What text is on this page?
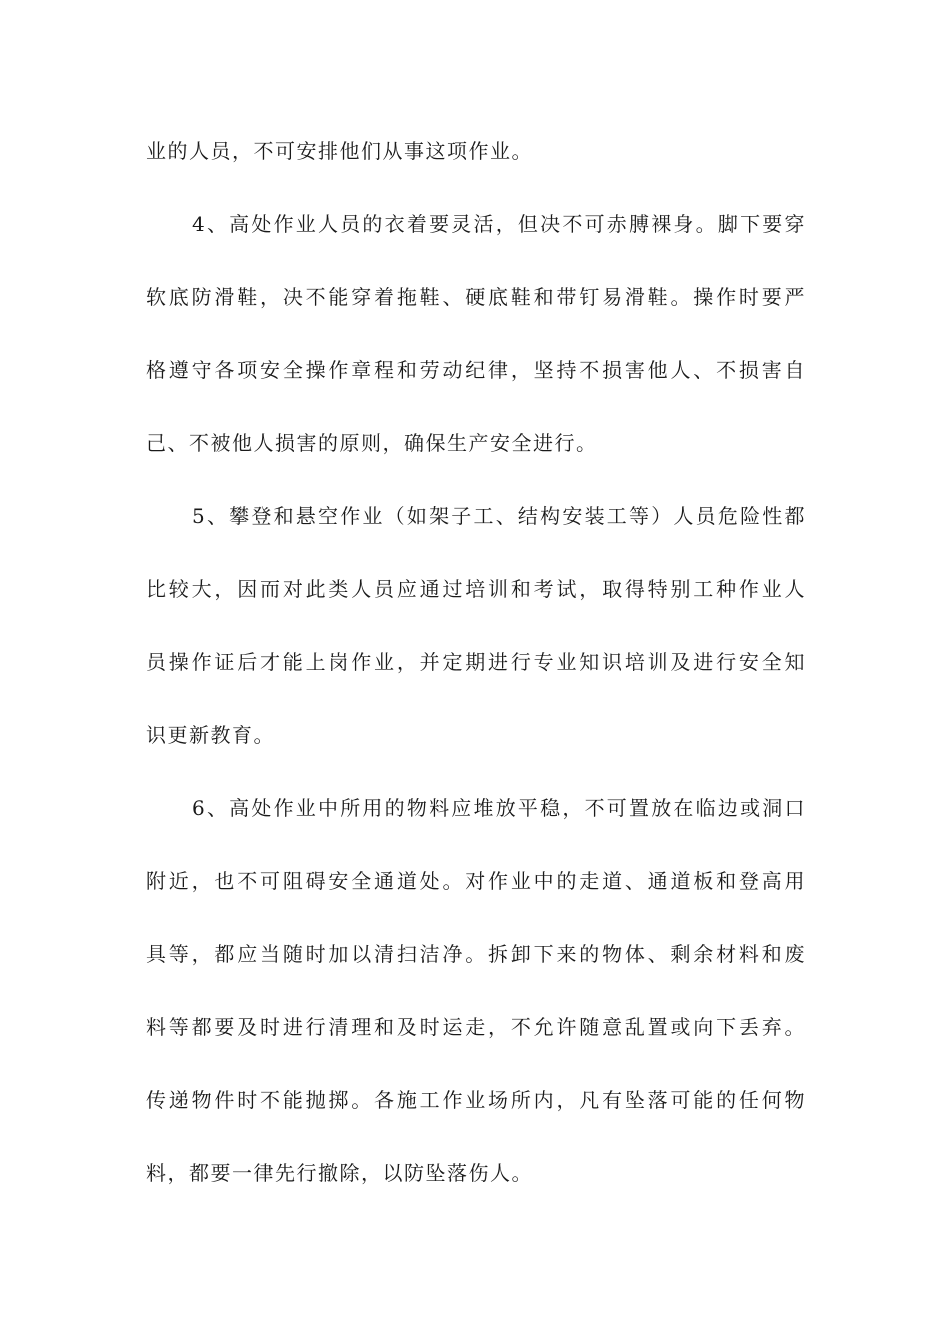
业的人员，不可安排他们从事这项作业。
4、高处作业人员的衣着要灵活，但决不可赤膊裸身。脚下要穿
软底防滑鞋，决不能穿着拖鞋、硬底鞋和带钉易滑鞋。操作时要严
格遵守各项安全操作章程和劳动纪律，坚持不损害他人、不损害自
己、不被他人损害的原则，确保生产安全进行。
5、攀登和悬空作业（如架子工、结构安装工等）人员危险性都
比较大，因而对此类人员应通过培训和考试，取得特别工种作业人
员操作证后才能上岗作业，并定期进行专业知识培训及进行安全知
识更新教育。
6、高处作业中所用的物料应堆放平稳，不可置放在临边或洞口
附近，也不可阻碍安全通道处。对作业中的走道、通道板和登高用
具等，都应当随时加以清扫洁净。拆卸下来的物体、剩余材料和废
料等都要及时进行清理和及时运走，不允许随意乱置或向下丢弃。
传递物件时不能抛掷。各施工作业场所内，凡有坠落可能的任何物
料，都要一律先行撤除，以防坠落伤人。
